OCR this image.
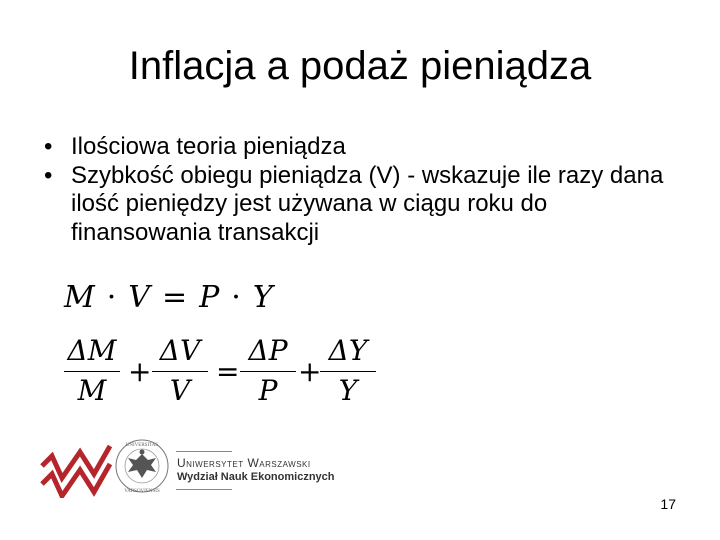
Inflacja a podaż pieniądza
• Ilościowa teoria pieniądza
• Szybkość obiegu pieniądza (V) - wskazuje ile razy dana ilość pieniędzy jest używana w ciągu roku do finansowania transakcji
M · V = P · Y
ΔM
M
+
ΔV
V
=
ΔP
P
+
ΔY
Y
UNIVERSITAS
VARSOVIENSIS
Uniwersytet Warszawski
Wydział Nauk Ekonomicznych
17
